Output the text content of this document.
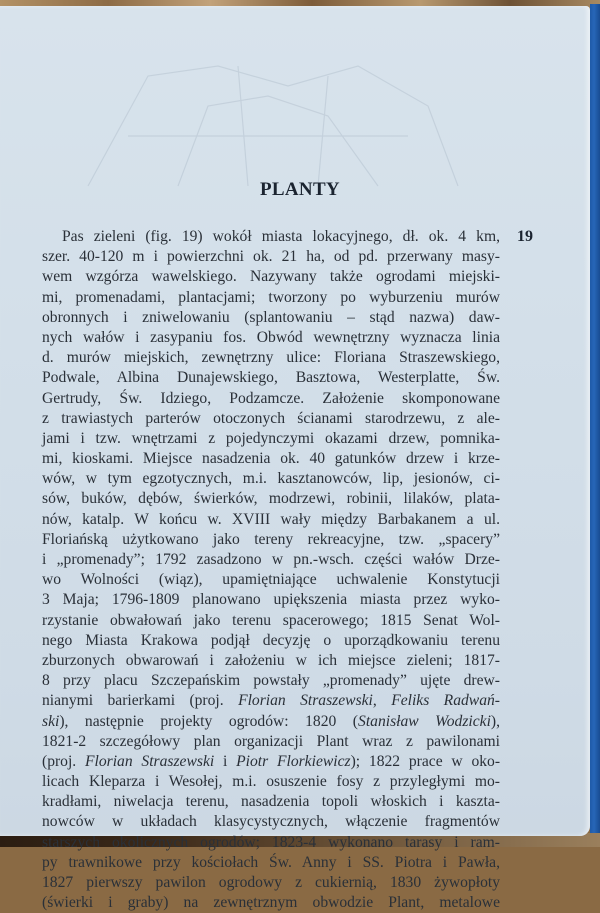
PLANTY
19
Pas zieleni (fig. 19) wokół miasta lokacyjnego, dł. ok. 4 km,
szer. 40-120 m i powierzchni ok. 21 ha, od pd. przerwany masy-
wem wzgórza wawelskiego. Nazywany także ogrodami miejski-
mi, promenadami, plantacjami; tworzony po wyburzeniu murów
obronnych i zniwelowaniu (splantowaniu – stąd nazwa) daw-
nych wałów i zasypaniu fos. Obwód wewnętrzny wyznacza linia
d. murów miejskich, zewnętrzny ulice: Floriana Straszewskiego,
Podwale, Albina Dunajewskiego, Basztowa, Westerplatte, Św.
Gertrudy, Św. Idziego, Podzamcze. Założenie skomponowane
z trawiastych parterów otoczonych ścianami starodrzewu, z ale-
jami i tzw. wnętrzami z pojedynczymi okazami drzew, pomnika-
mi, kioskami. Miejsce nasadzenia ok. 40 gatunków drzew i krze-
wów, w tym egzotycznych, m.i. kasztanowców, lip, jesionów, ci-
sów, buków, dębów, świerków, modrzewi, robinii, lilaków, plata-
nów, katalp. W końcu w. XVIII wały między Barbakanem a ul.
Floriańską użytkowano jako tereny rekreacyjne, tzw. „spacery”
i „promenady”; 1792 zasadzono w pn.-wsch. części wałów Drze-
wo Wolności (wiąz), upamiętniające uchwalenie Konstytucji
3 Maja; 1796-1809 planowano upiększenia miasta przez wyko-
rzystanie obwałowań jako terenu spacerowego; 1815 Senat Wol-
nego Miasta Krakowa podjął decyzję o uporządkowaniu terenu
zburzonych obwarowań i założeniu w ich miejsce zieleni; 1817-
8 przy placu Szczepańskim powstały „promenady” ujęte drew-
nianymi barierkami (proj. Florian Straszewski, Feliks Radwań-
ski), następnie projekty ogrodów: 1820 (Stanisław Wodzicki),
1821-2 szczegółowy plan organizacji Plant wraz z pawilonami
(proj. Florian Straszewski i Piotr Florkiewicz); 1822 prace w oko-
licach Kleparza i Wesołej, m.i. osuszenie fosy z przyległymi mo-
kradłami, niwelacja terenu, nasadzenia topoli włoskich i kaszta-
nowców w układach klasycystycznych, włączenie fragmentów
starszych okolicznych ogrodów; 1823-4 wykonano tarasy i ram-
py trawnikowe przy kościołach Św. Anny i SS. Piotra i Pawła,
1827 pierwszy pawilon ogrodowy z cukiernią, 1830 żywopłoty
(świerki i graby) na zewnętrznym obwodzie Plant, metalowe
